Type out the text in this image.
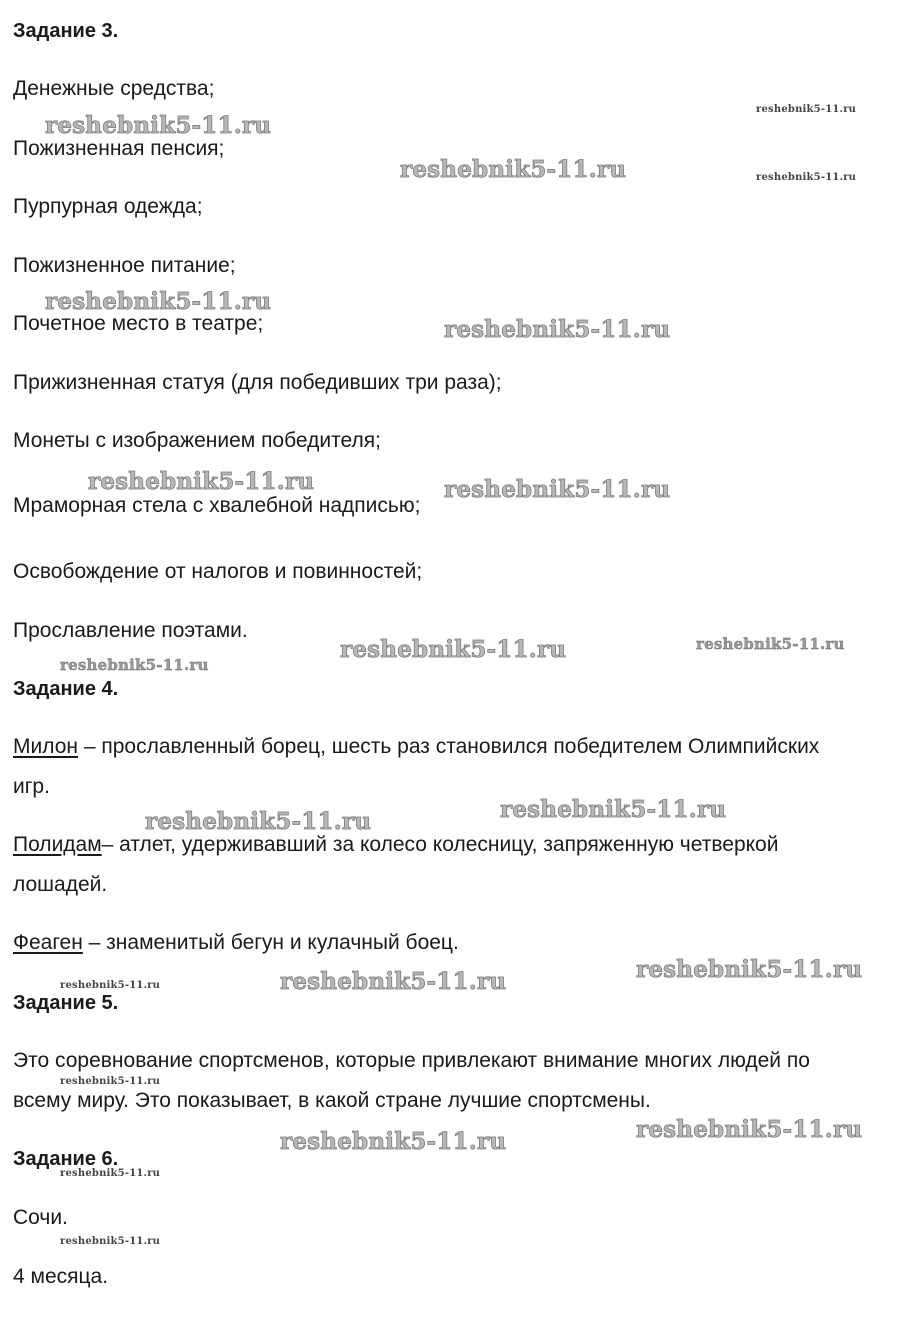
Задание 3.
Денежные средства;
Пожизненная пенсия;
Пурпурная одежда;
Пожизненное питание;
Почетное место в театре;
Прижизненная статуя (для победивших три раза);
Монеты с изображением победителя;
Мраморная стела с хвалебной надписью;
Освобождение от налогов и повинностей;
Прославление поэтами.
Задание 4.
Милон – прославленный борец, шесть раз становился победителем Олимпийских
игр.
Полидам– атлет, удерживавший за колесо колесницу, запряженную четверкой
лошадей.
Феаген – знаменитый бегун и кулачный боец.
Задание 5.
Это соревнование спортсменов, которые привлекают внимание многих людей по
всему миру. Это показывает, в какой стране лучшие спортсмены.
Задание 6.
Сочи.
4 месяца.
reshebnik5-11.ru
reshebnik5-11.ru
reshebnik5-11.ru	reshebnik5-11.ru
reshebnik5-11.ru
reshebnik5-11.ru
reshebnik5-11.ru	reshebnik5-11.ru
reshebnik5-11.ru	reshebnik5-11.ru
reshebnik5-11.ru
reshebnik5-11.ru
reshebnik5-11.ru
reshebnik5-11.ru
reshebnik5-11.ru	reshebnik5-11.ru
reshebnik5-11.ru
reshebnik5-11.ru
reshebnik5-11.ru
reshebnik5-11.ru
reshebnik5-11.ru
